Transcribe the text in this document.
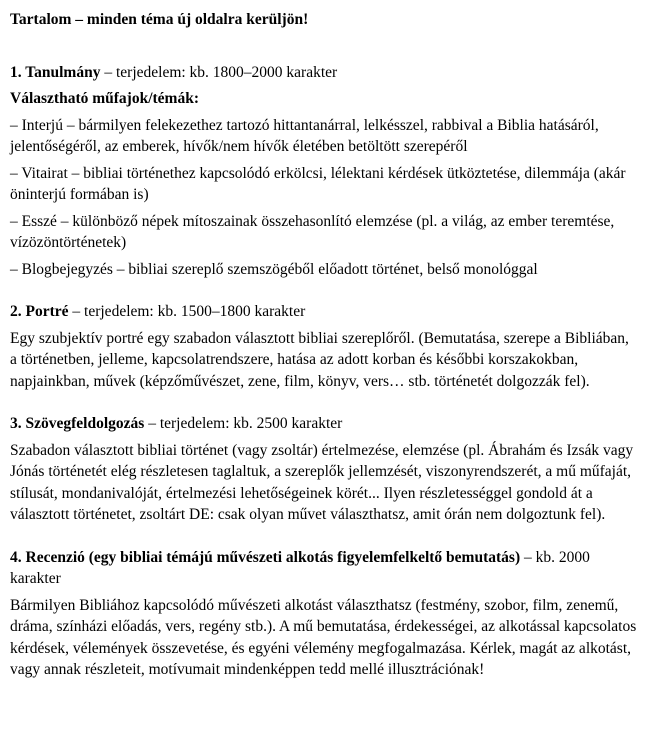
Tartalom – minden téma új oldalra kerüljön!

1. Tanulmány – terjedelem: kb. 1800–2000 karakter

Választható műfajok/témák:

– Interjú – bármilyen felekezethez tartozó hittantanárral, lelkésszel, rabbival a Biblia hatásáról, jelentőségéről, az emberek, hívők/nem hívők életében betöltött szerepéről

– Vitairat – bibliai történethez kapcsolódó erkölcsi, lélektani kérdések ütköztetése, dilemmája (akár öninterjú formában is)

– Esszé – különböző népek mítoszainak összehasonlító elemzése (pl. a világ, az ember teremtése, vízözöntörténetek)

– Blogbejegyzés – bibliai szereplő szemszögéből előadott történet, belső monológgal

2. Portré – terjedelem: kb. 1500–1800 karakter

Egy szubjektív portré egy szabadon választott bibliai szereplőről. (Bemutatása, szerepe a Bibliában, a történetben, jelleme, kapcsolatrendszere, hatása az adott korban és későbbi korszakokban, napjainkban, művek (képzőművészet, zene, film, könyv, vers… stb. történetét dolgozzák fel).

3. Szövegfeldolgozás – terjedelem: kb. 2500 karakter

Szabadon választott bibliai történet (vagy zsoltár) értelmezése, elemzése (pl. Ábrahám és Izsák vagy Jónás történetét elég részletesen taglaltuk, a szereplők jellemzését, viszonyrendszerét, a mű műfaját, stílusát, mondanivalóját, értelmezési lehetőségeinek körét... Ilyen részletességgel gondold át a választott történetet, zsoltárt DE: csak olyan művet választhatsz, amit órán nem dolgoztunk fel).

4. Recenzió (egy bibliai témájú művészeti alkotás figyelemfelkeltő bemutatás) – kb. 2000 karakter

Bármilyen Bibliához kapcsolódó művészeti alkotást választhatsz (festmény, szobor, film, zenemű, dráma, színházi előadás, vers, regény stb.). A mű bemutatása, érdekességei, az alkotással kapcsolatos kérdések, vélemények összevetése, és egyéni vélemény megfogalmazása. Kérlek, magát az alkotást, vagy annak részleteit, motívumait mindenképpen tedd mellé illusztrációnak!
